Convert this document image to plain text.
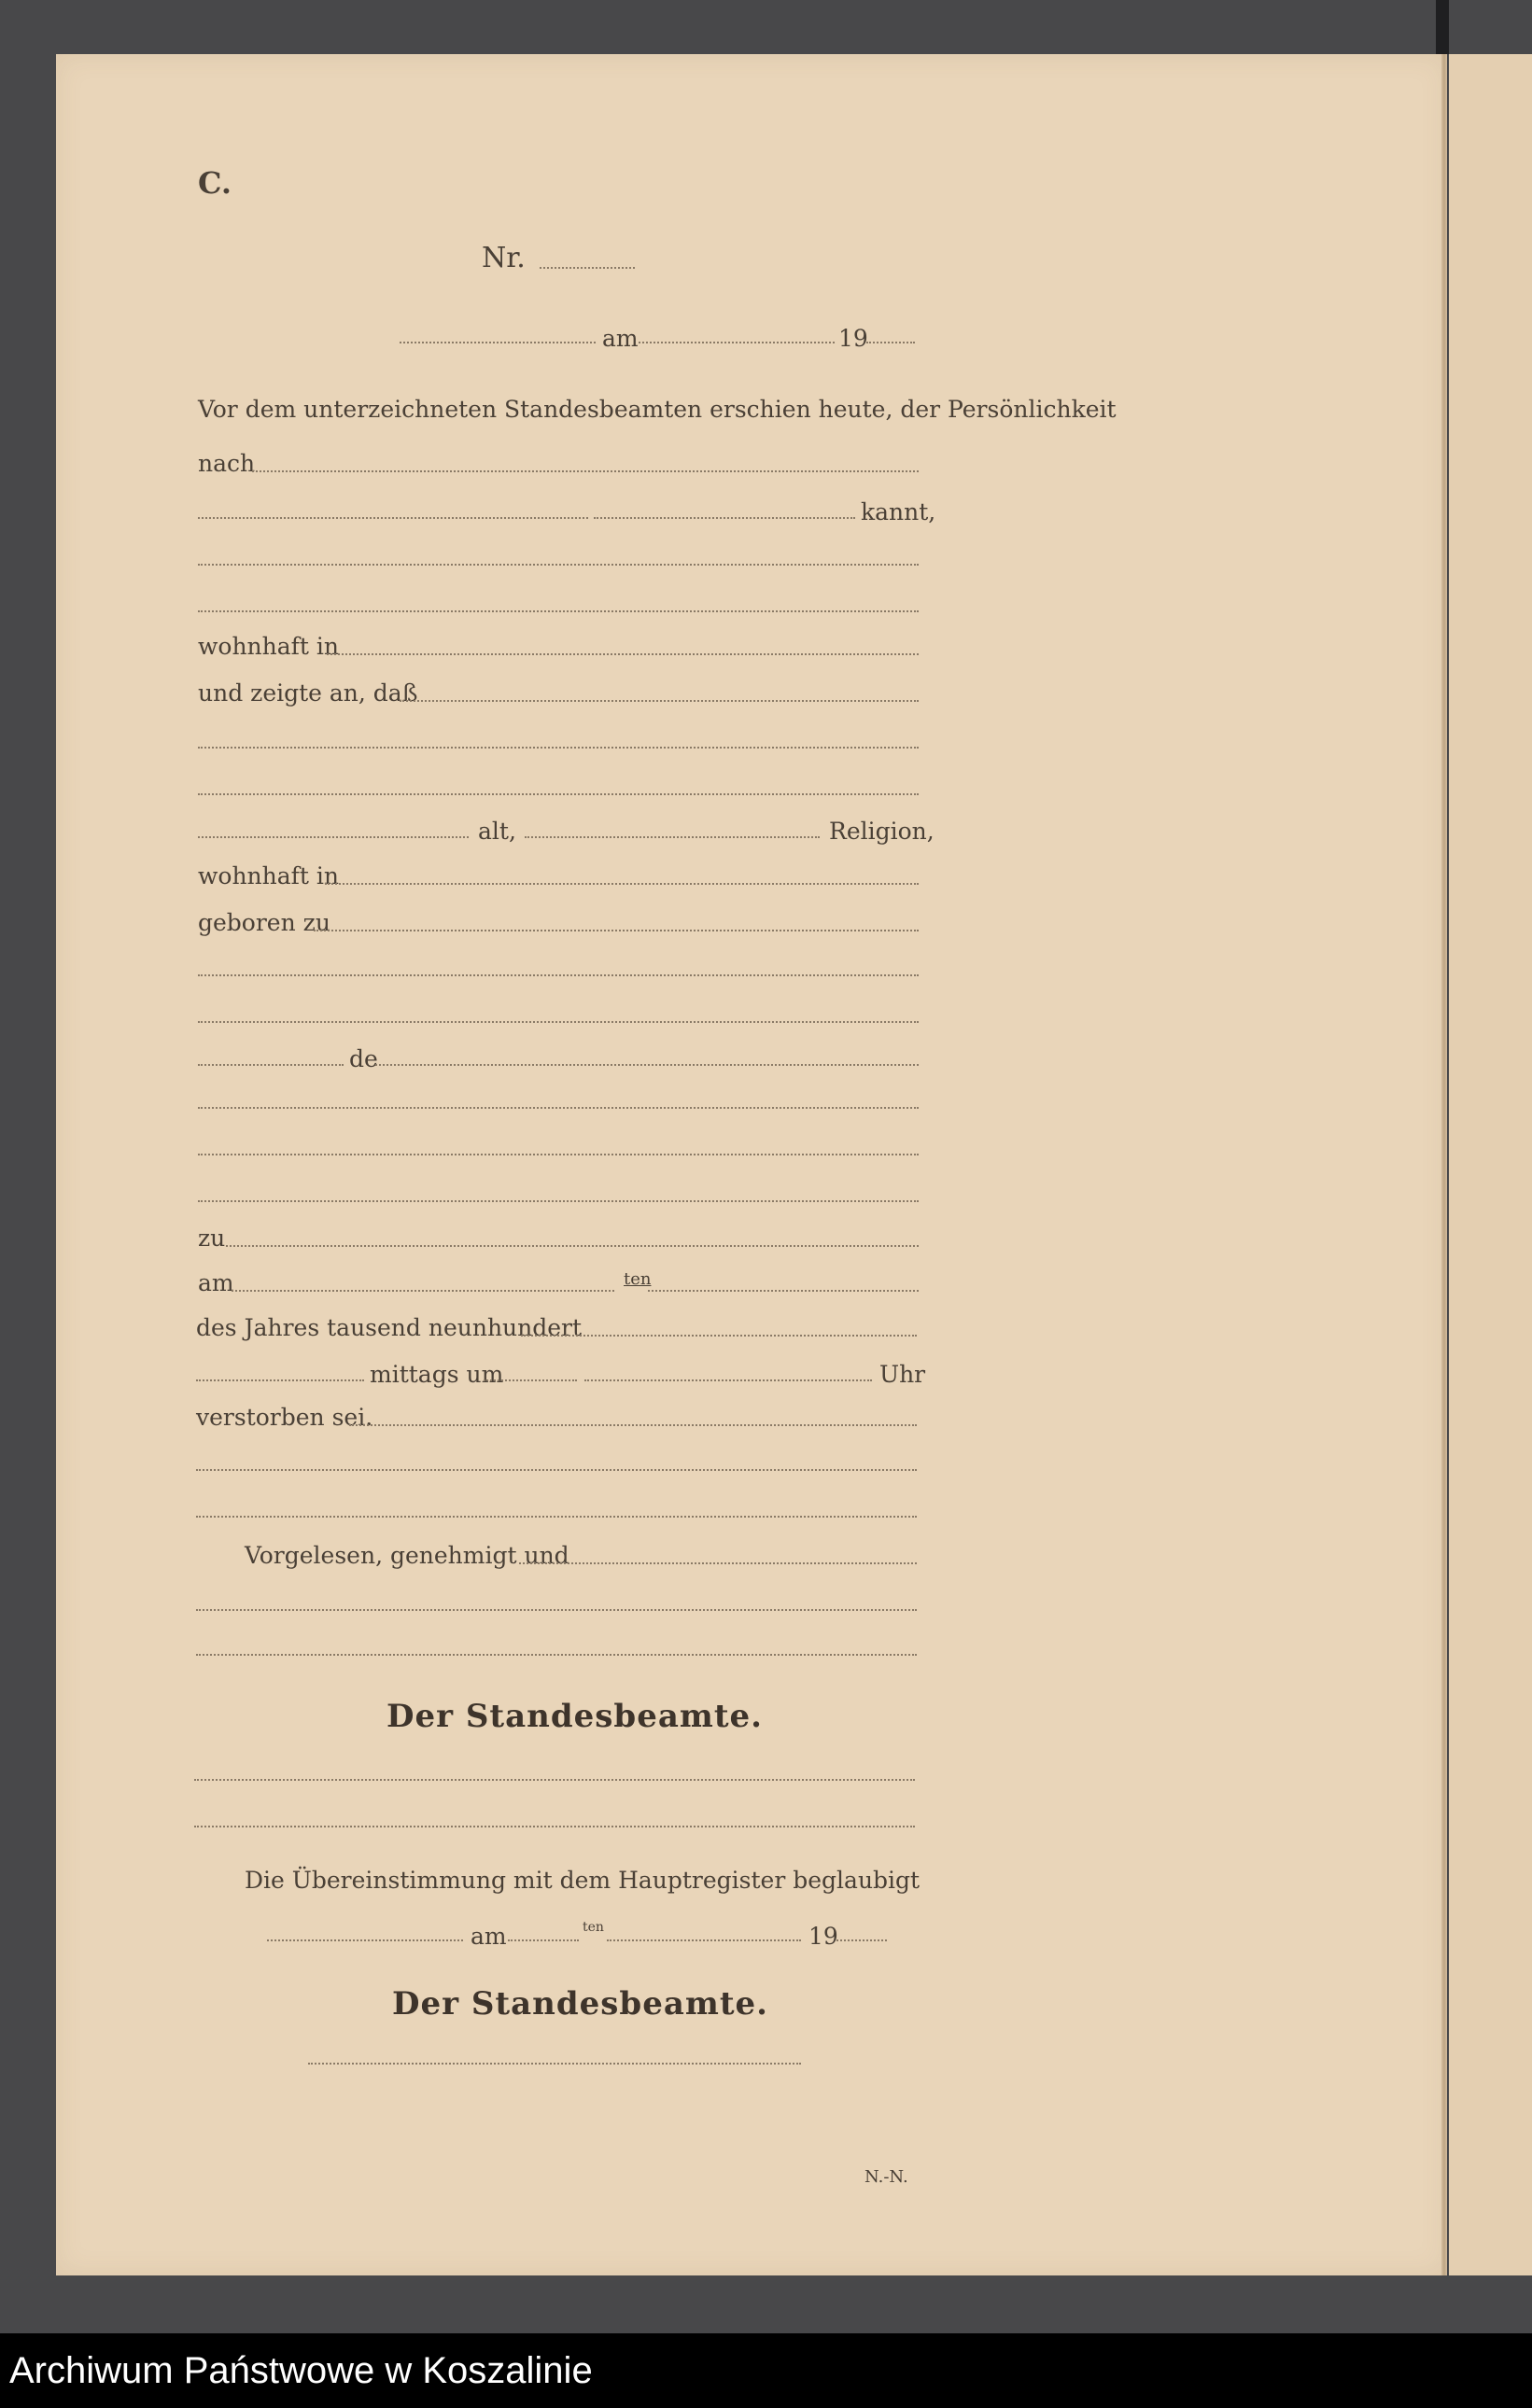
C.
Nr.
am	19
Vor dem unterzeichneten Standesbeamten erschien heute, der Persönlichkeit
nach
kannt,
wohnhaft in
und zeigte an, daß
alt,	Religion,
wohnhaft in
geboren zu
de
zu
am	ten
des Jahres tausend neunhundert
mittags um	Uhr
verstorben sei.
Vorgelesen, genehmigt und
Der Standesbeamte.
Die Übereinstimmung mit dem Hauptregister beglaubigt
am	ten	19
Der Standesbeamte.
N.-N.
Archiwum Państwowe w Koszalinie
